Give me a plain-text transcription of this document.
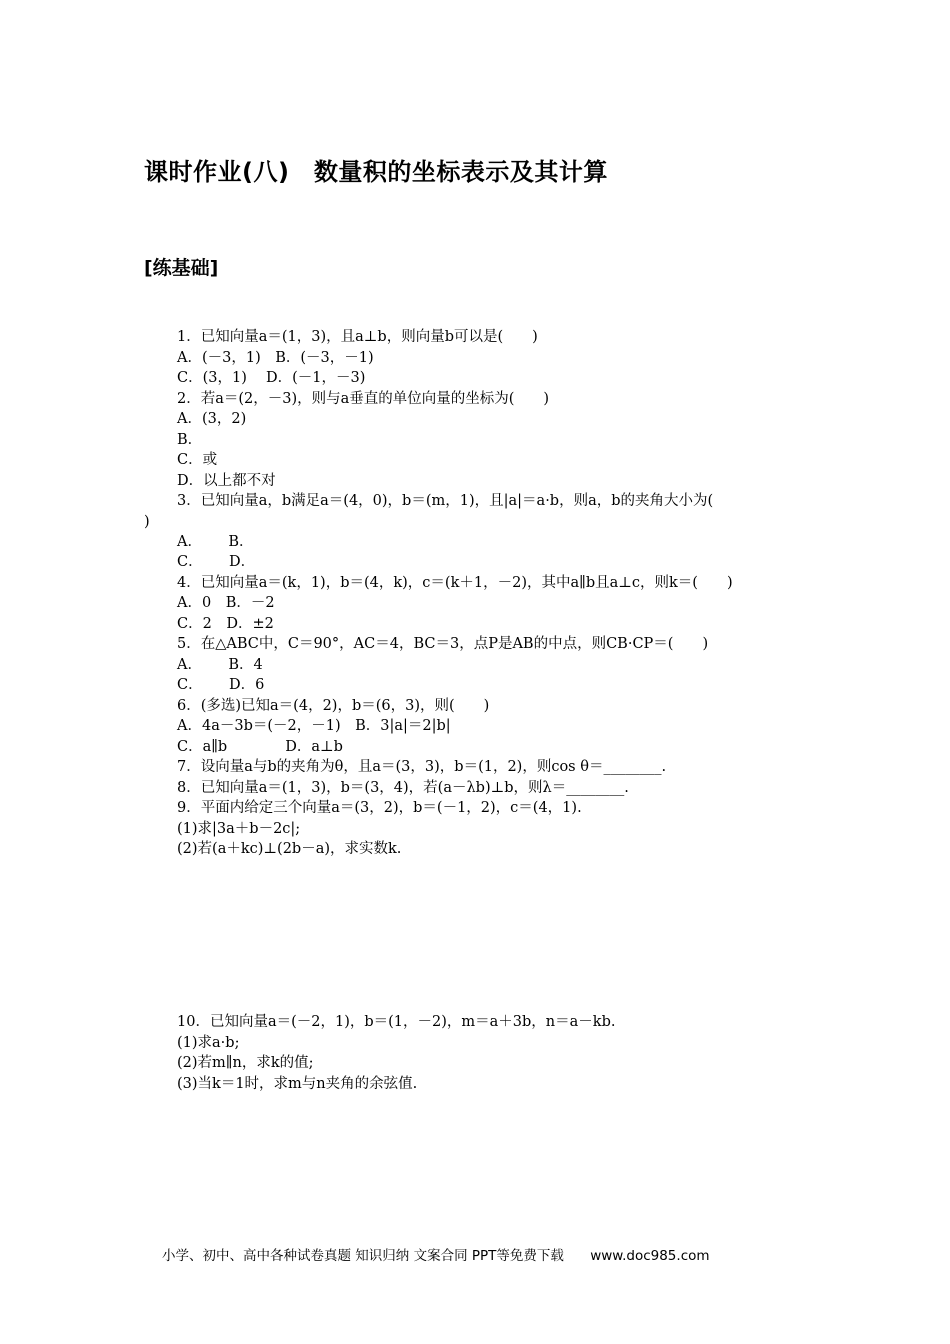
课时作业(八)　数量积的坐标表示及其计算
[练基础]
1．已知向量a＝(1，3)，且a⊥b，则向量b可以是(　　)
A．(－3，1)　B．(－3，－1)
C．(3，1)　 D．(－1，－3)
2．若a＝(2，－3)，则与a垂直的单位向量的坐标为(　　)
A．(3，2)
B．
C．或
D．以上都不对
3．已知向量a，b满足a＝(4，0)，b＝(m，1)，且|a|＝a·b，则a，b的夹角大小为(
)
A．　　 B．
C．　　 D．
4．已知向量a＝(k，1)，b＝(4，k)，c＝(k＋1，－2)，其中a∥b且a⊥c，则k＝(　　)
A．0　B．－2
C．2　D．±2
5．在△ABC中，C＝90°，AC＝4，BC＝3，点P是AB的中点，则CB·CP＝(　　)
A．　　 B．4
C．　　 D．6
6．(多选)已知a＝(4，2)，b＝(6，3)，则(　　)
A．4a－3b＝(－2，－1)　B．3|a|＝2|b|
C．a∥b　　　　D．a⊥b
7．设向量a与b的夹角为θ，且a＝(3，3)，b＝(1，2)，则cos θ＝________.
8．已知向量a＝(1，3)，b＝(3，4)，若(a－λb)⊥b，则λ＝________.
9．平面内给定三个向量a＝(3，2)，b＝(－1，2)，c＝(4，1).
(1)求|3a＋b－2c|;
(2)若(a＋kc)⊥(2b－a)，求实数k.
10．已知向量a＝(－2，1)，b＝(1，－2)，m＝a＋3b，n＝a－kb.
(1)求a·b;
(2)若m∥n，求k的值;
(3)当k＝1时，求m与n夹角的余弦值.
小学、初中、高中各种试卷真题 知识归纳 文案合同 PPT等免费下载 www.doc985.com
